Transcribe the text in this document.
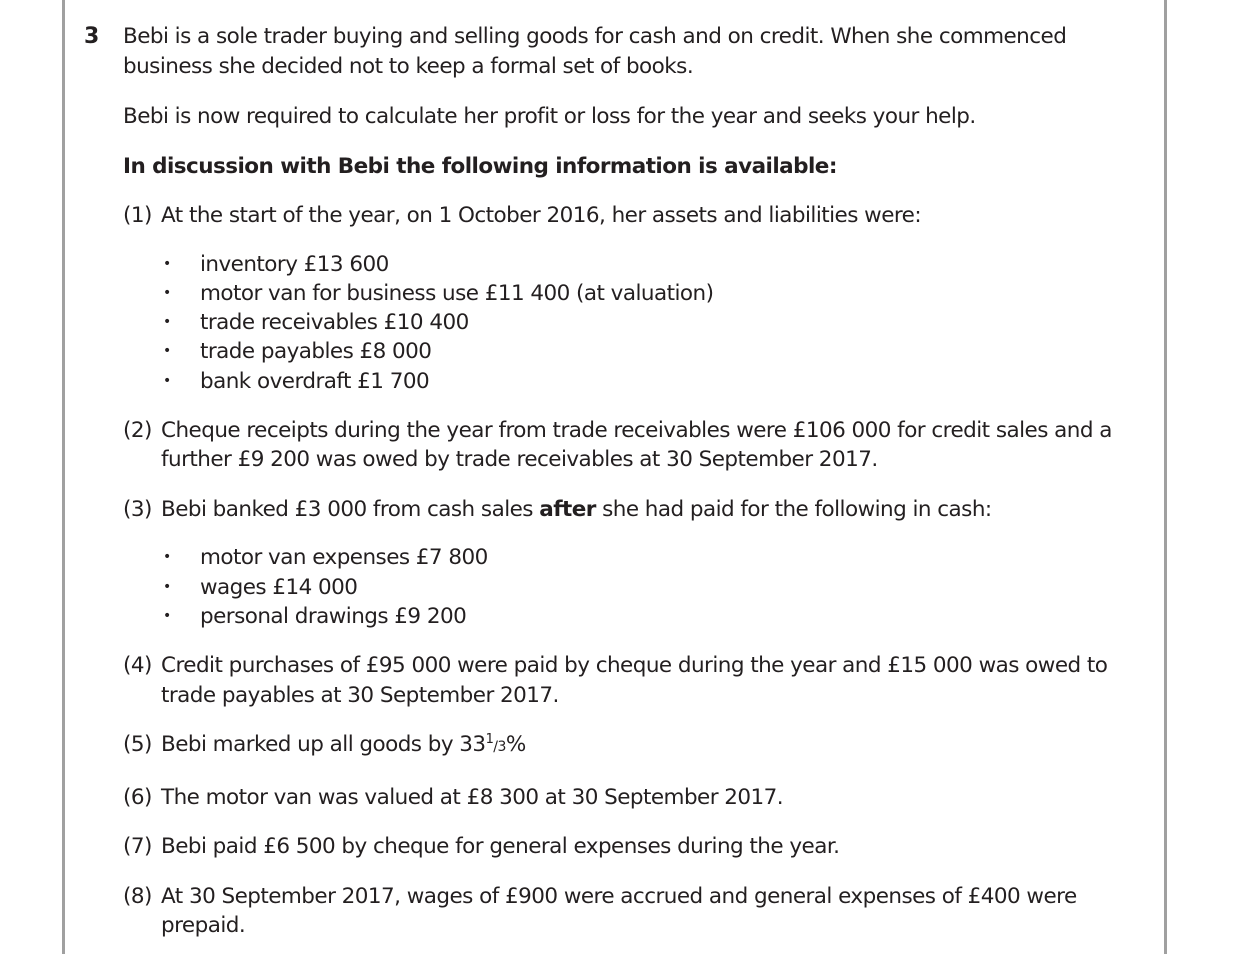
3 Bebi is a sole trader buying and selling goods for cash and on credit. When she commenced business she decided not to keep a formal set of books.

Bebi is now required to calculate her profit or loss for the year and seeks your help.

In discussion with Bebi the following information is available:

(1) At the start of the year, on 1 October 2016, her assets and liabilities were:
• inventory £13 600
• motor van for business use £11 400 (at valuation)
• trade receivables £10 400
• trade payables £8 000
• bank overdraft £1 700
(2) Cheque receipts during the year from trade receivables were £106 000 for credit sales and a further £9 200 was owed by trade receivables at 30 September 2017.
(3) Bebi banked £3 000 from cash sales after she had paid for the following in cash:
• motor van expenses £7 800
• wages £14 000
• personal drawings £9 200
(4) Credit purchases of £95 000 were paid by cheque during the year and £15 000 was owed to trade payables at 30 September 2017.
(5) Bebi marked up all goods by $33^1/3\%$
(6) The motor van was valued at £8 300 at 30 September 2017.
(7) Bebi paid £6 500 by cheque for general expenses during the year.
(8) At 30 September 2017, wages of £900 were accrued and general expenses of £400 were prepaid.
